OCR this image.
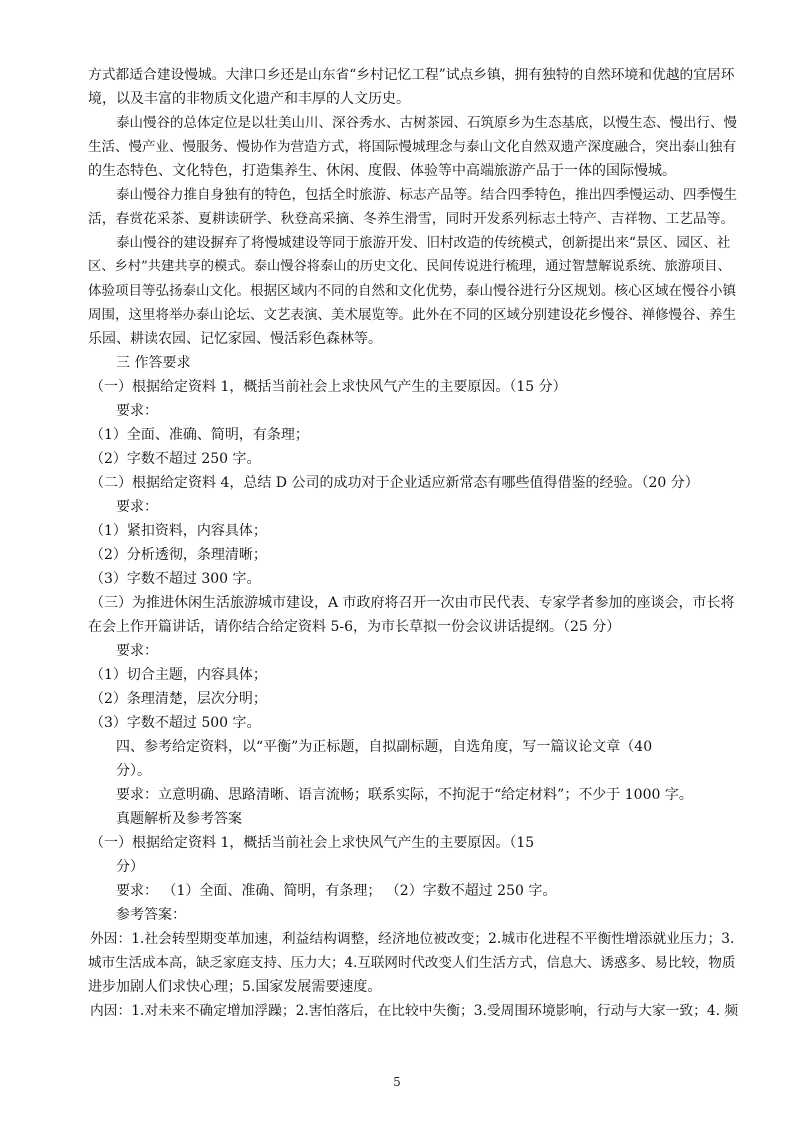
方式都适合建设慢城。大津口乡还是山东省“乡村记忆工程”试点乡镇，拥有独特的自然环境和优越的宜居环
境，以及丰富的非物质文化遗产和丰厚的人文历史。
泰山慢谷的总体定位是以壮美山川、深谷秀水、古树茶园、石筑原乡为生态基底，以慢生态、慢出行、慢
生活、慢产业、慢服务、慢协作为营造方式，将国际慢城理念与泰山文化自然双遗产深度融合，突出泰山独有
的生态特色、文化特色，打造集养生、休闲、度假、体验等中高端旅游产品于一体的国际慢城。
泰山慢谷力推自身独有的特色，包括全时旅游、标志产品等。结合四季特色，推出四季慢运动、四季慢生
活，春赏花采茶、夏耕读研学、秋登高采摘、冬养生滑雪，同时开发系列标志土特产、吉祥物、工艺品等。
泰山慢谷的建设摒弃了将慢城建设等同于旅游开发、旧村改造的传统模式，创新提出来“景区、园区、社
区、乡村”共建共享的模式。泰山慢谷将泰山的历史文化、民间传说进行梳理，通过智慧解说系统、旅游项目、
体验项目等弘扬泰山文化。根据区域内不同的自然和文化优势，泰山慢谷进行分区规划。核心区域在慢谷小镇
周围，这里将举办泰山论坛、文艺表演、美术展览等。此外在不同的区域分别建设花乡慢谷、禅修慢谷、养生
乐园、耕读农园、记忆家园、慢活彩色森林等。
三 作答要求
（一）根据给定资料 1，概括当前社会上求快风气产生的主要原因。（15 分）
要求：
（1）全面、准确、简明，有条理；
（2）字数不超过 250 字。
（二）根据给定资料 4，总结 D 公司的成功对于企业适应新常态有哪些值得借鉴的经验。（20 分）
要求：
（1）紧扣资料，内容具体；
（2）分析透彻，条理清晰；
（3）字数不超过 300 字。
（三）为推进休闲生活旅游城市建设，A 市政府将召开一次由市民代表、专家学者参加的座谈会，市长将
在会上作开篇讲话，请你结合给定资料 5-6，为市长草拟一份会议讲话提纲。（25 分）
要求：
（1）切合主题，内容具体；
（2）条理清楚，层次分明；
（3）字数不超过 500 字。
四、参考给定资料，以“平衡”为正标题，自拟副标题，自选角度，写一篇议论文章（40
分）。
要求：立意明确、思路清晰、语言流畅；联系实际，不拘泥于“给定材料”；不少于 1000 字。
真题解析及参考答案
（一）根据给定资料 1，概括当前社会上求快风气产生的主要原因。（15
分）
要求： （1）全面、准确、简明，有条理； （2）字数不超过 250 字。
参考答案：
外因：1.社会转型期变革加速，利益结构调整，经济地位被改变；2.城市化进程不平衡性增添就业压力；3.
城市生活成本高，缺乏家庭支持、压力大；4.互联网时代改变人们生活方式，信息大、诱惑多、易比较，物质
进步加剧人们求快心理；5.国家发展需要速度。
内因：1.对未来不确定增加浮躁；2.害怕落后，在比较中失衡；3.受周围环境影响，行动与大家一致；4. 频
5
